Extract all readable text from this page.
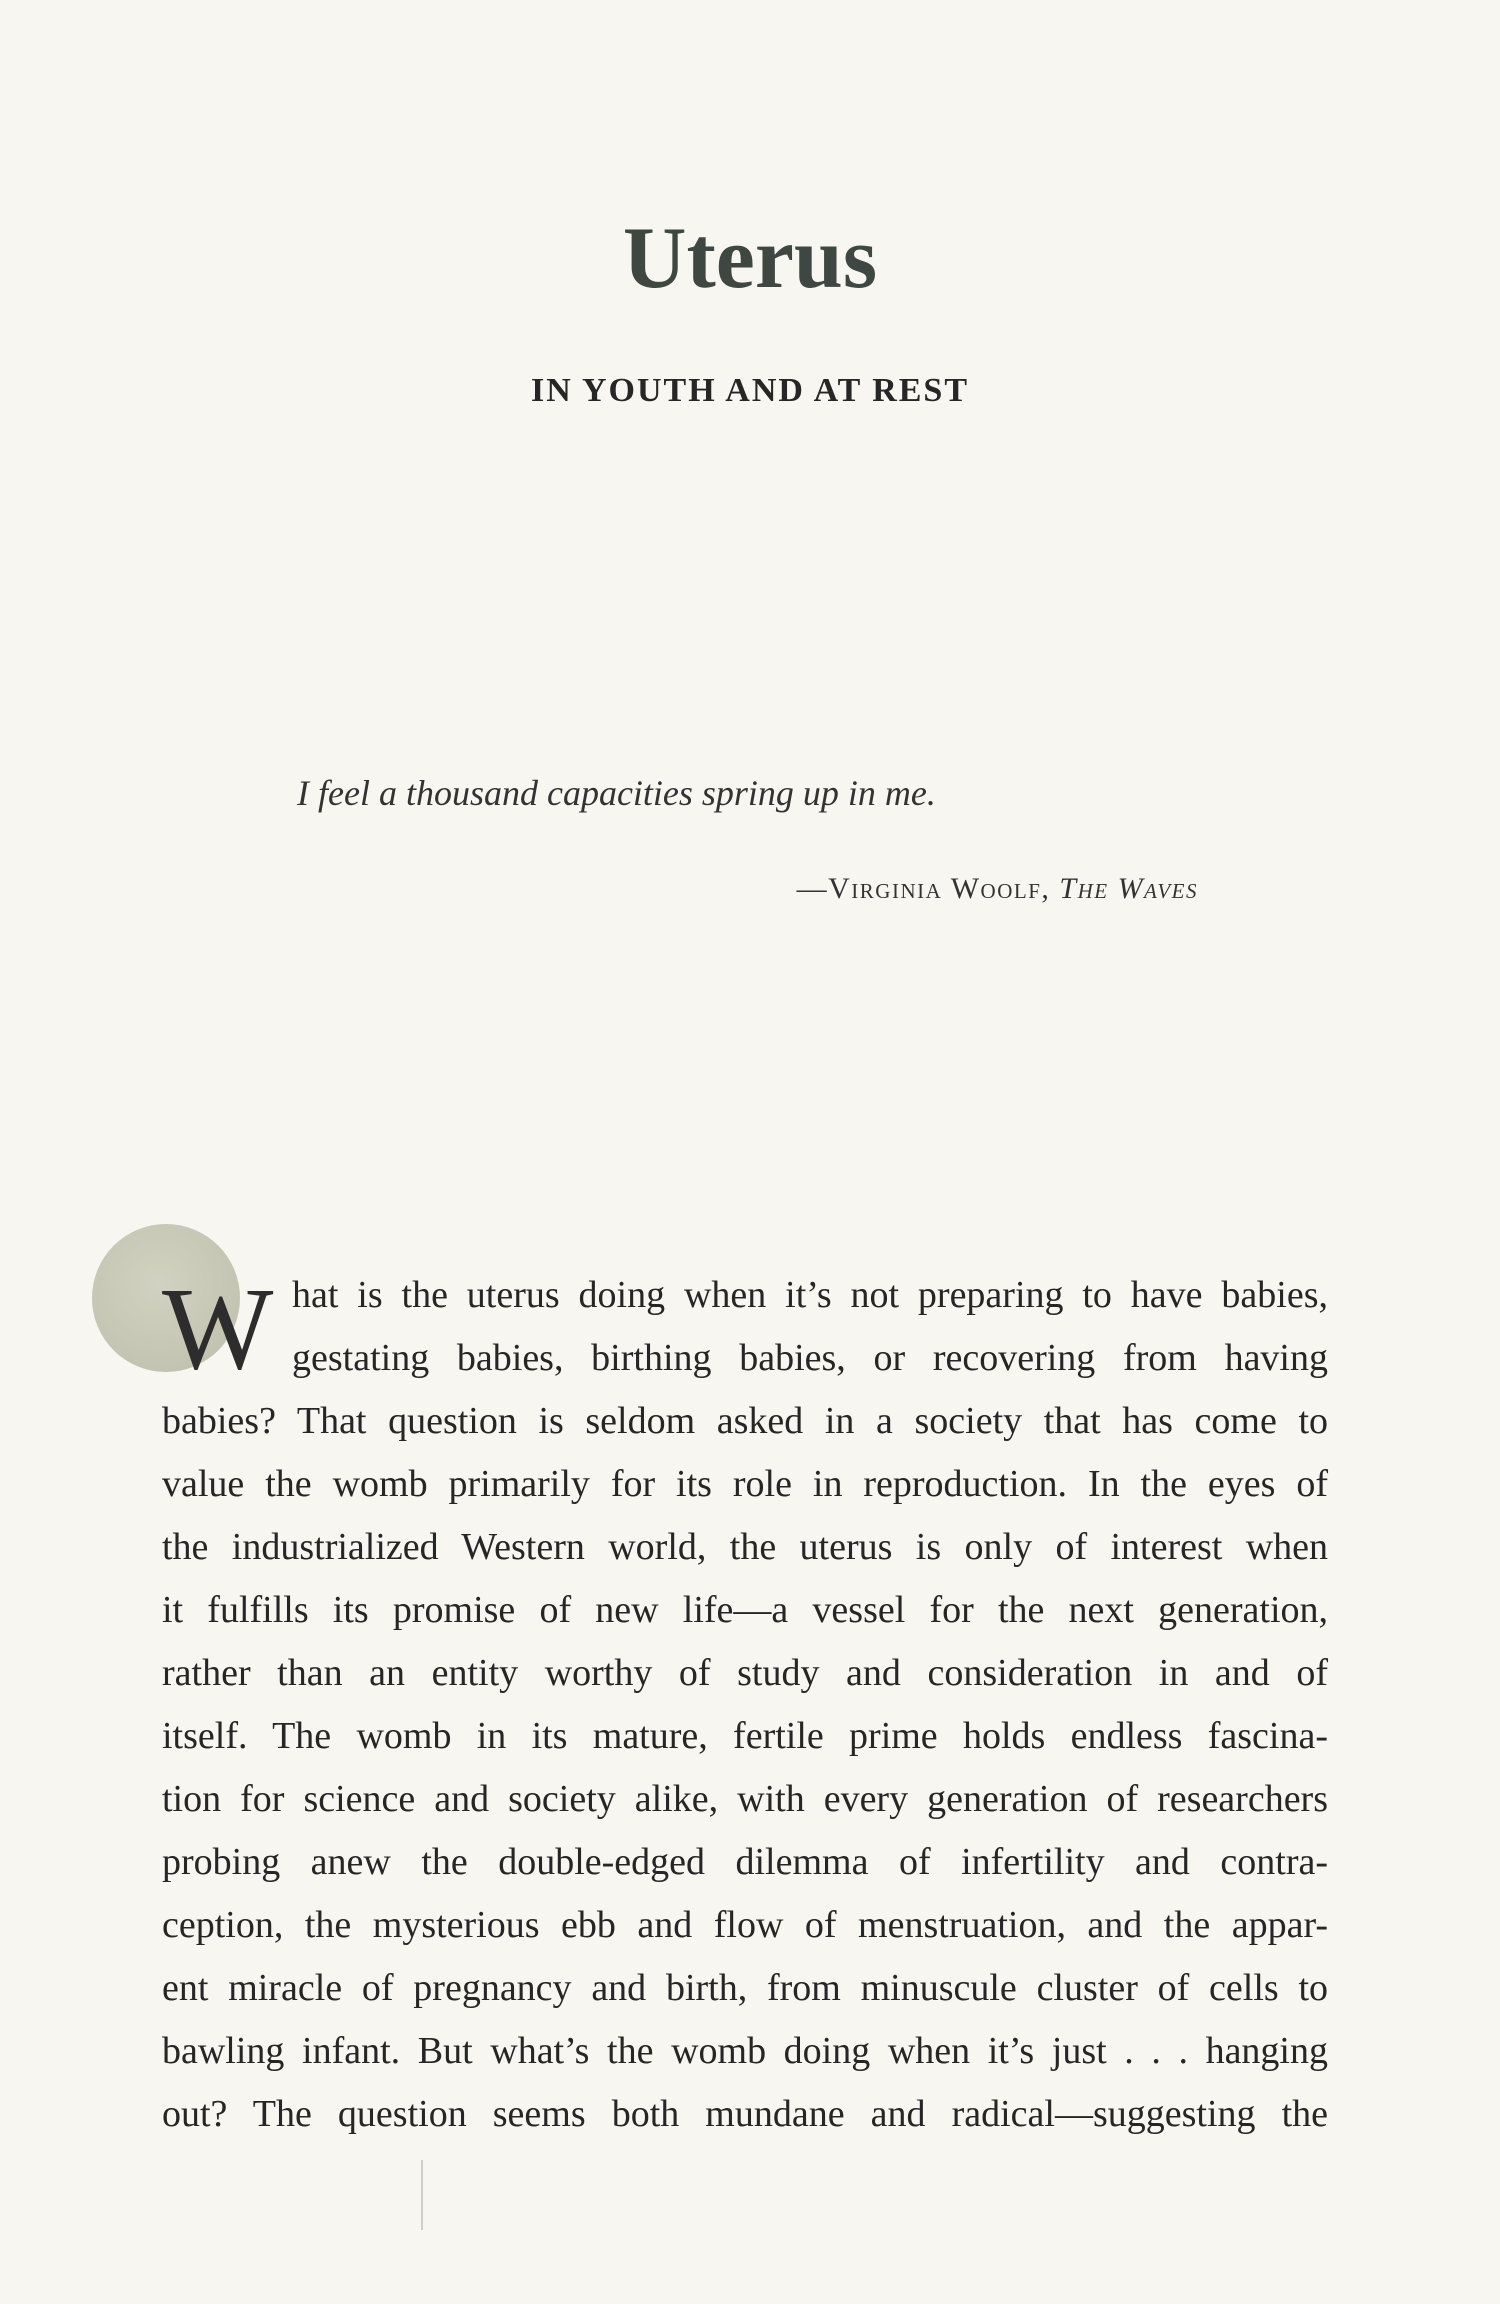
Uterus
IN YOUTH AND AT REST
I feel a thousand capacities spring up in me.
—Virginia Woolf, The Waves
W hat is the uterus doing when it’s not preparing to have babies,
gestating babies, birthing babies, or recovering from having
babies? That question is seldom asked in a society that has come to
value the womb primarily for its role in reproduction. In the eyes of
the industrialized Western world, the uterus is only of interest when
it fulfills its promise of new life—a vessel for the next generation,
rather than an entity worthy of study and consideration in and of
itself. The womb in its mature, fertile prime holds endless fascina-
tion for science and society alike, with every generation of researchers
probing anew the double-edged dilemma of infertility and contra-
ception, the mysterious ebb and flow of menstruation, and the appar-
ent miracle of pregnancy and birth, from minuscule cluster of cells to
bawling infant. But what’s the womb doing when it’s just . . . hanging
out? The question seems both mundane and radical—suggesting the
